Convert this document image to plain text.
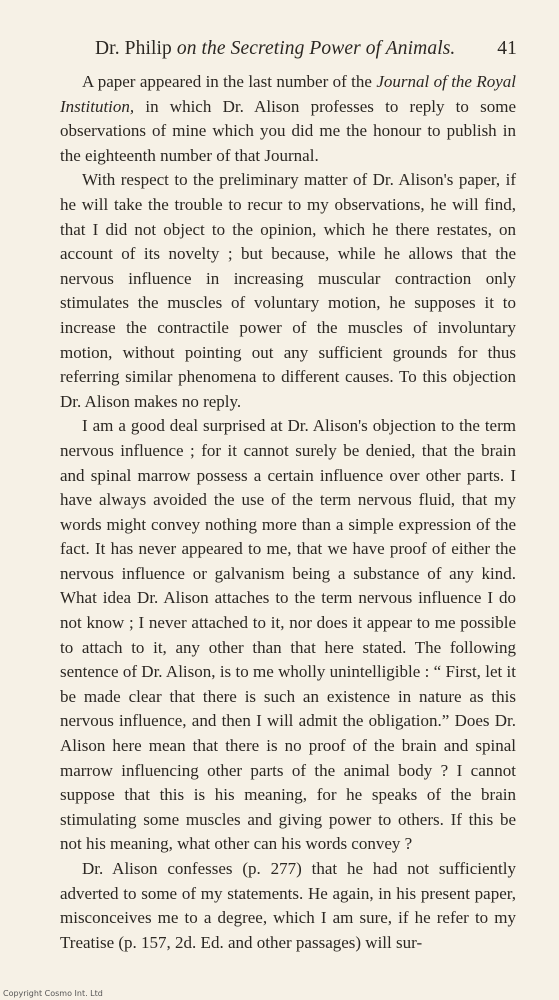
Dr. Philip on the Secreting Power of Animals. 41

A paper appeared in the last number of the Journal of the Royal Institution, in which Dr. Alison professes to reply to some observations of mine which you did me the honour to publish in the eighteenth number of that Journal.

With respect to the preliminary matter of Dr. Alison's paper, if he will take the trouble to recur to my observations, he will find, that I did not object to the opinion, which he there restates, on account of its novelty ; but because, while he allows that the nervous influence in increasing muscular contraction only stimulates the muscles of voluntary motion, he supposes it to increase the contractile power of the muscles of involuntary motion, without pointing out any sufficient grounds for thus referring similar phenomena to different causes. To this objection Dr. Alison makes no reply.

I am a good deal surprised at Dr. Alison's objection to the term nervous influence ; for it cannot surely be denied, that the brain and spinal marrow possess a certain influence over other parts. I have always avoided the use of the term nervous fluid, that my words might convey nothing more than a simple expression of the fact. It has never appeared to me, that we have proof of either the nervous influence or galvanism being a substance of any kind. What idea Dr. Alison attaches to the term nervous influence I do not know ; I never attached to it, nor does it appear to me possible to attach to it, any other than that here stated. The following sentence of Dr. Alison, is to me wholly unintelligible : “ First, let it be made clear that there is such an existence in nature as this nervous influence, and then I will admit the obligation.” Does Dr. Alison here mean that there is no proof of the brain and spinal marrow influencing other parts of the animal body ? I cannot suppose that this is his meaning, for he speaks of the brain stimulating some muscles and giving power to others. If this be not his meaning, what other can his words convey ?

Dr. Alison confesses (p. 277) that he had not sufficiently adverted to some of my statements. He again, in his present paper, misconceives me to a degree, which I am sure, if he refer to my Treatise (p. 157, 2d. Ed. and other passages) will sur-

Copyright Cosmo Int. Ltd
